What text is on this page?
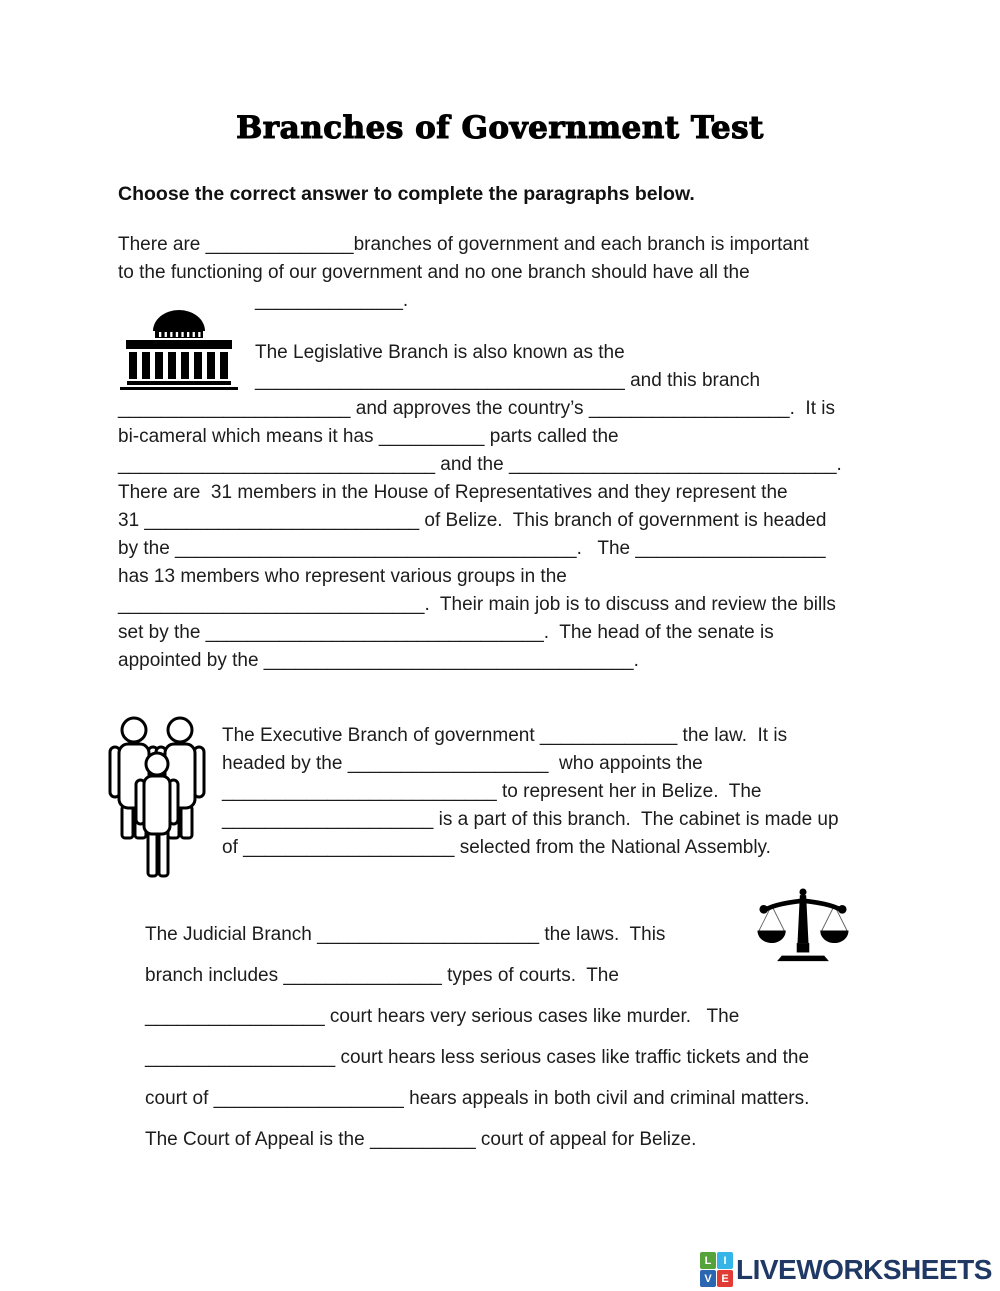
Branches of Government Test
Choose the correct answer to complete the paragraphs below.
There are ______________branches of government and each branch is important
to the functioning of our government and no one branch should have all the
______________.
The Legislative Branch is also known as the
___________________________________ and this branch
______________________ and approves the country’s ___________________.  It is
bi-cameral which means it has __________ parts called the
______________________________ and the _______________________________.
There are  31 members in the House of Representatives and they represent the
31 __________________________ of Belize.  This branch of government is headed
by the ______________________________________.   The __________________
has 13 members who represent various groups in the
_____________________________.  Their main job is to discuss and review the bills
set by the ________________________________.  The head of the senate is
appointed by the ___________________________________.
The Executive Branch of government _____________ the law.  It is
headed by the ___________________  who appoints the
__________________________ to represent her in Belize.  The
____________________ is a part of this branch.  The cabinet is made up
of ____________________ selected from the National Assembly.
The Judicial Branch _____________________ the laws.  This
branch includes _______________ types of courts.  The
_________________ court hears very serious cases like murder.   The
__________________ court hears less serious cases like traffic tickets and the
court of __________________ hears appeals in both civil and criminal matters.
The Court of Appeal is the __________ court of appeal for Belize.
L	I
V E LIVEWORKSHEETS
